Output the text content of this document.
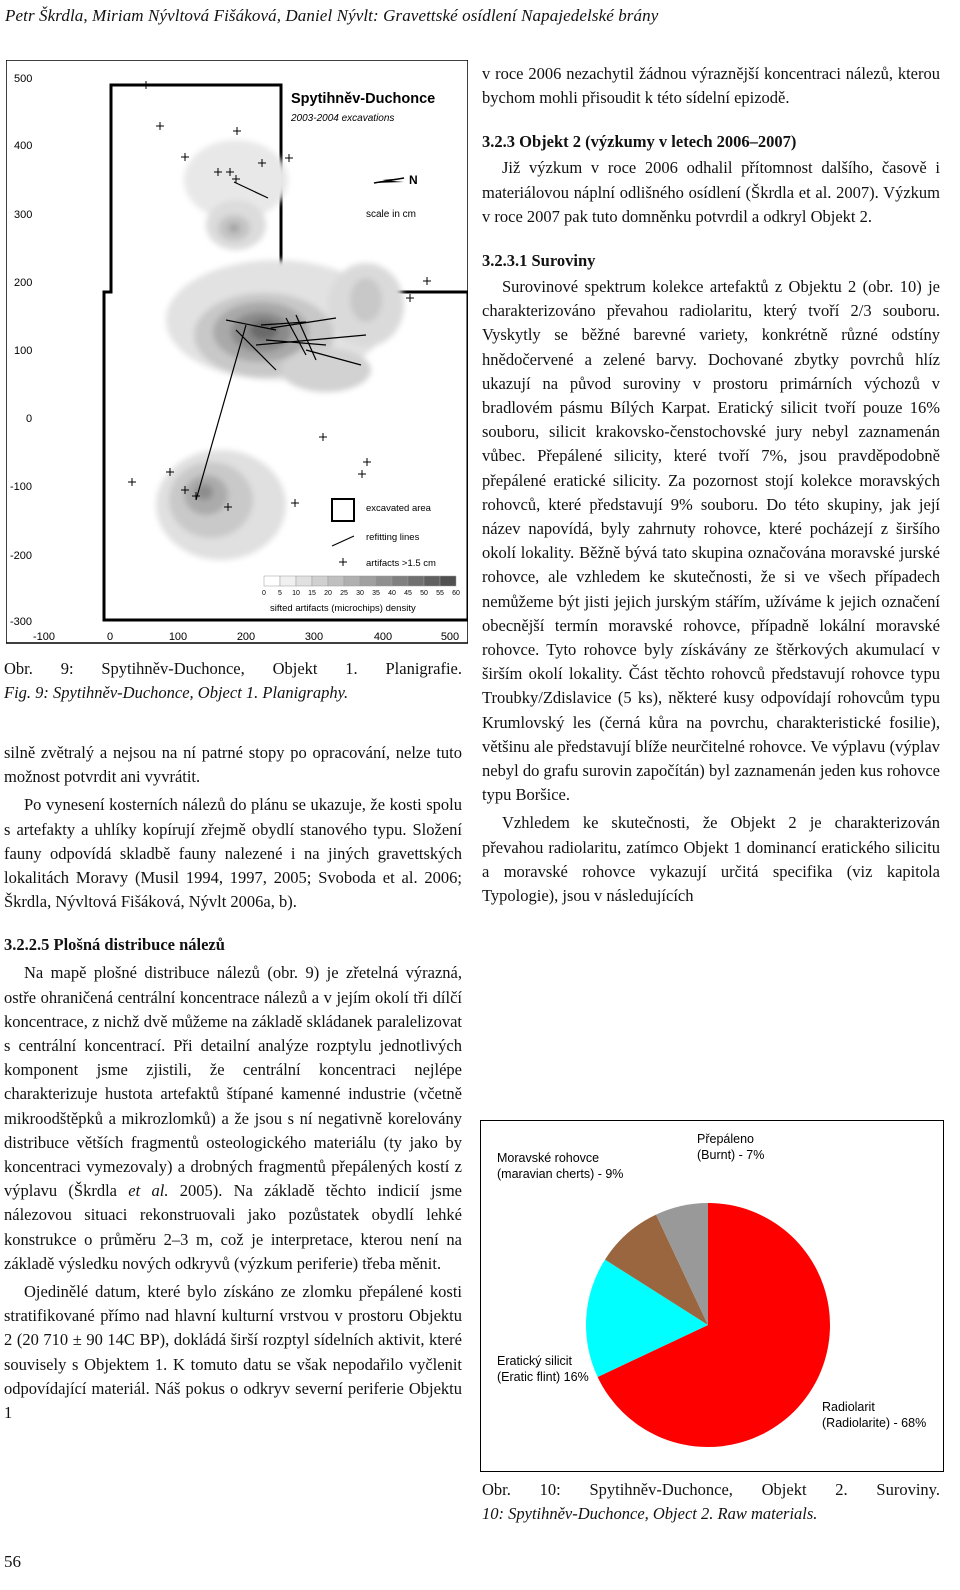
Petr Škrdla, Miriam Nývltová Fišáková, Daniel Nývlt: Gravettské osídlení Napajedelské brány
Spytihněv-Duchonce
2003-2004 excavations
N
scale in cm
500
400
300
200
100
0
-100
-200
-300
-100	0	100	200	300	400	500
excavated area
refitting lines
artifacts >1.5 cm
0 5 10 15 20 25 30 35 40 45 50 55 60
sifted artifacts (microchips) density
Obr. 9: Spytihněv-Duchonce, Objekt 1. Planigrafie.
Fig. 9: Spytihněv-Duchonce, Object 1. Planigraphy.

silně zvětralý a nejsou na ní patrné stopy po opracování, nelze tuto možnost potvrdit ani vyvrátit.

Po vynesení kosterních nálezů do plánu se ukazuje, že kosti spolu s artefakty a uhlíky kopírují zřejmě obydlí stanového typu. Složení fauny odpovídá skladbě fauny nalezené i na jiných gravettských lokalitách Moravy (Musil 1994, 1997, 2005; Svoboda et al. 2006; Škrdla, Nývltová Fišáková, Nývlt 2006a, b).

3.2.2.5 Plošná distribuce nálezů

Na mapě plošné distribuce nálezů (obr. 9) je zřetelná výrazná, ostře ohraničená centrální koncentrace nálezů a v jejím okolí tři dílčí koncentrace, z nichž dvě můžeme na základě skládanek paralelizovat s centrální koncentrací. Při detailní analýze rozptylu jednotlivých komponent jsme zjistili, že centrální koncentraci nejlépe charakterizuje hustota artefaktů štípané kamenné industrie (včetně mikroodštěpků a mikrozlomků) a že jsou s ní negativně korelovány distribuce větších fragmentů osteologického materiálu (ty jako by koncentraci vymezovaly) a drobných fragmentů přepálených kostí z výplavu (Škrdla et al. 2005). Na základě těchto indicií jsme nálezovou situaci rekonstruovali jako pozůstatek obydlí lehké konstrukce o průměru 2–3 m, což je interpretace, kterou není na základě výsledku nových odkryvů (výzkum periferie) třeba měnit.

Ojedinělé datum, které bylo získáno ze zlomku přepálené kosti stratifikované přímo nad hlavní kulturní vrstvou v prostoru Objektu 2 (20 710 ± 90 14C BP), dokládá širší rozptyl sídelních aktivit, které souvisely s Objektem 1. K tomuto datu se však nepodařilo vyčlenit odpovídající materiál. Náš pokus o odkryv severní periferie Objektu 1

v roce 2006 nezachytil žádnou výraznější koncentraci nálezů, kterou bychom mohli přisoudit k této sídelní epizodě.

3.2.3 Objekt 2 (výzkumy v letech 2006–2007)

Již výzkum v roce 2006 odhalil přítomnost dalšího, časově i materiálovou náplní odlišného osídlení (Škrdla et al. 2007). Výzkum v roce 2007 pak tuto domněnku potvrdil a odkryl Objekt 2.

3.2.3.1 Suroviny

Surovinové spektrum kolekce artefaktů z Objektu 2 (obr. 10) je charakterizováno převahou radiolaritu, který tvoří 2/3 souboru. Vyskytly se běžné barevné variety, konkrétně různé odstíny hnědočervené a zelené barvy. Dochované zbytky povrchů hlíz ukazují na původ suroviny v prostoru primárních výchozů v bradlovém pásmu Bílých Karpat. Eratický silicit tvoří pouze 16% souboru, silicit krakovsko-čenstochovské jury nebyl zaznamenán vůbec. Přepálené silicity, které tvoří 7%, jsou pravděpodobně přepálené eratické silicity. Za pozornost stojí kolekce moravských rohovců, které představují 9% souboru. Do této skupiny, jak její název napovídá, byly zahrnuty rohovce, které pocházejí z širšího okolí lokality. Běžně bývá tato skupina označována moravské jurské rohovce, ale vzhledem ke skutečnosti, že si ve všech případech nemůžeme být jisti jejich jurským stářím, užíváme k jejich označení obecnější termín moravské rohovce, případně lokální moravské rohovce. Tyto rohovce byly získávány ze štěrkových akumulací v širším okolí lokality. Část těchto rohovců představují rohovce typu Troubky/Zdislavice (5 ks), některé kusy odpovídají rohovcům typu Krumlovský les (černá kůra na povrchu, charakteristické fosilie), většinu ale představují blíže neurčitelné rohovce. Ve výplavu (výplav nebyl do grafu surovin započítán) byl zaznamenán jeden kus rohovce typu Boršice.

Vzhledem ke skutečnosti, že Objekt 2 je charakterizován převahou radiolaritu, zatímco Objekt 1 dominancí eratického silicitu a moravské rohovce vykazují určitá specifika (viz kapitola Typologie), jsou v následujících

Moravské rohovce (maravian cherts) - 9%
Přepáleno (Burnt) - 7%
Eratický silicit (Eratic flint) 16%
Radiolarit (Radiolarite) - 68%
Obr. 10: Spytihněv-Duchonce, Objekt 2. Suroviny.
10: Spytihněv-Duchonce, Object 2. Raw materials.
56
